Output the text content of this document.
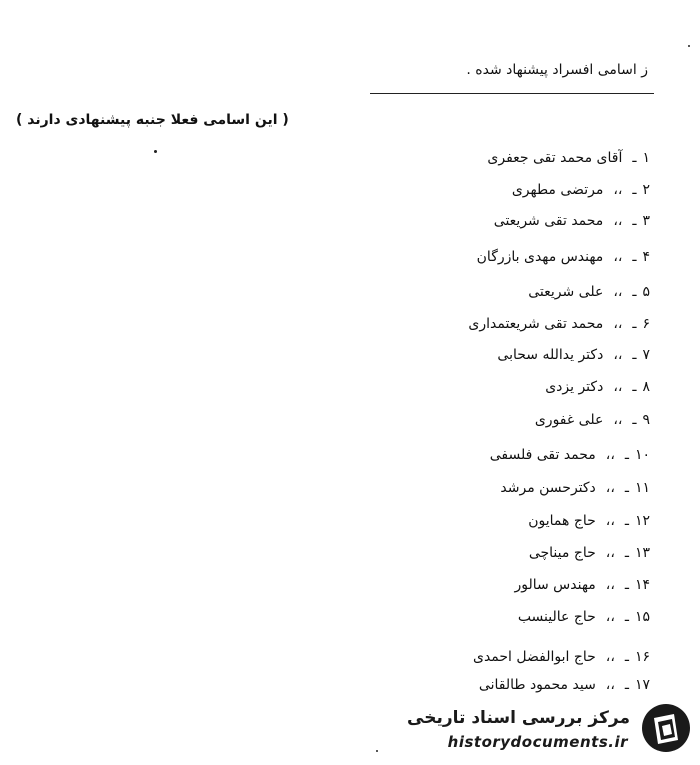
ز اسامی افسراد پیشنهاد شده .
( این اسامی فعلا جنبه پیشنهادی دارند )
۱ـآقای محمد تقی جعفری
۲ـ،،مرتضی مطهری
۳ـ،،محمد تقی شریعتی
۴ـ،،مهندس مهدی بازرگان
۵ـ،،علی شریعتی
۶ـ،،محمد تقی شریعتمداری
۷ـ،،دکتر یدالله سحابی
۸ـ،،دکتر یزدی
۹ـ،،علی غفوری
۱۰ـ،،محمد تقی فلسفی
۱۱ـ،،دکترحسن مرشد
۱۲ـ،،حاج همایون
۱۳ـ،،حاج میناچی
۱۴ـ،،مهندس سالور
۱۵ـ،،حاج عالینسب
۱۶ـ،،حاج ابوالفضل احمدی
۱۷ـ،،سید محمود طالقانی
مرکز بررسی اسناد تاریخی
historydocuments.ir
